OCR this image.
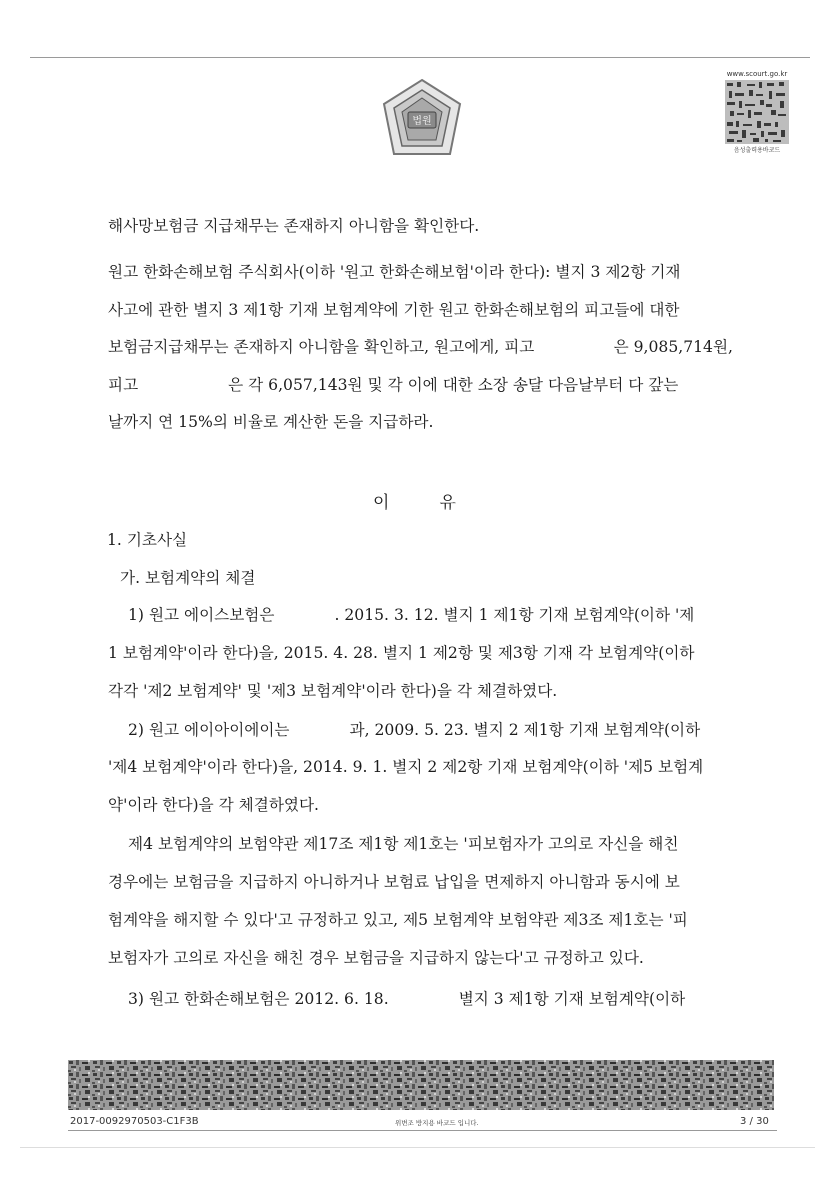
법원
www.scourt.go.kr
음성출력용바코드
해사망보험금 지급채무는 존재하지 아니함을 확인한다.
원고 한화손해보험 주식회사(이하 '원고 한화손해보험'이라 한다): 별지 3 제2항 기재
사고에 관한 별지 3 제1항 기재 보험계약에 기한 원고 한화손해보험의 피고들에 대한
보험금지급채무는 존재하지 아니함을 확인하고, 원고에게, 피고	은 9,085,714원,
피고	은 각 6,057,143원 및 각 이에 대한 소장 송달 다음날부터 다 갚는
날까지 연 15%의 비율로 계산한 돈을 지급하라.
이	유
1. 기초사실
가. 보험계약의 체결
1) 원고 에이스보험은	. 2015. 3. 12. 별지 1 제1항 기재 보험계약(이하 '제
1 보험계약'이라 한다)을, 2015. 4. 28. 별지 1 제2항 및 제3항 기재 각 보험계약(이하
각각 '제2 보험계약' 및 '제3 보험계약'이라 한다)을 각 체결하였다.
2) 원고 에이아이에이는	과, 2009. 5. 23. 별지 2 제1항 기재 보험계약(이하
'제4 보험계약'이라 한다)을, 2014. 9. 1. 별지 2 제2항 기재 보험계약(이하 '제5 보험계
약'이라 한다)을 각 체결하였다.
제4 보험계약의 보험약관 제17조 제1항 제1호는 '피보험자가 고의로 자신을 해친
경우에는 보험금을 지급하지 아니하거나 보험료 납입을 면제하지 아니함과 동시에 보
험계약을 해지할 수 있다'고 규정하고 있고, 제5 보험계약 보험약관 제3조 제1호는 '피
보험자가 고의로 자신을 해친 경우 보험금을 지급하지 않는다'고 규정하고 있다.
3) 원고 한화손해보험은 2012. 6. 18.	별지 3 제1항 기재 보험계약(이하
2017-0092970503-C1F3B	위변조 방지용 바코드 입니다.	3 / 30
